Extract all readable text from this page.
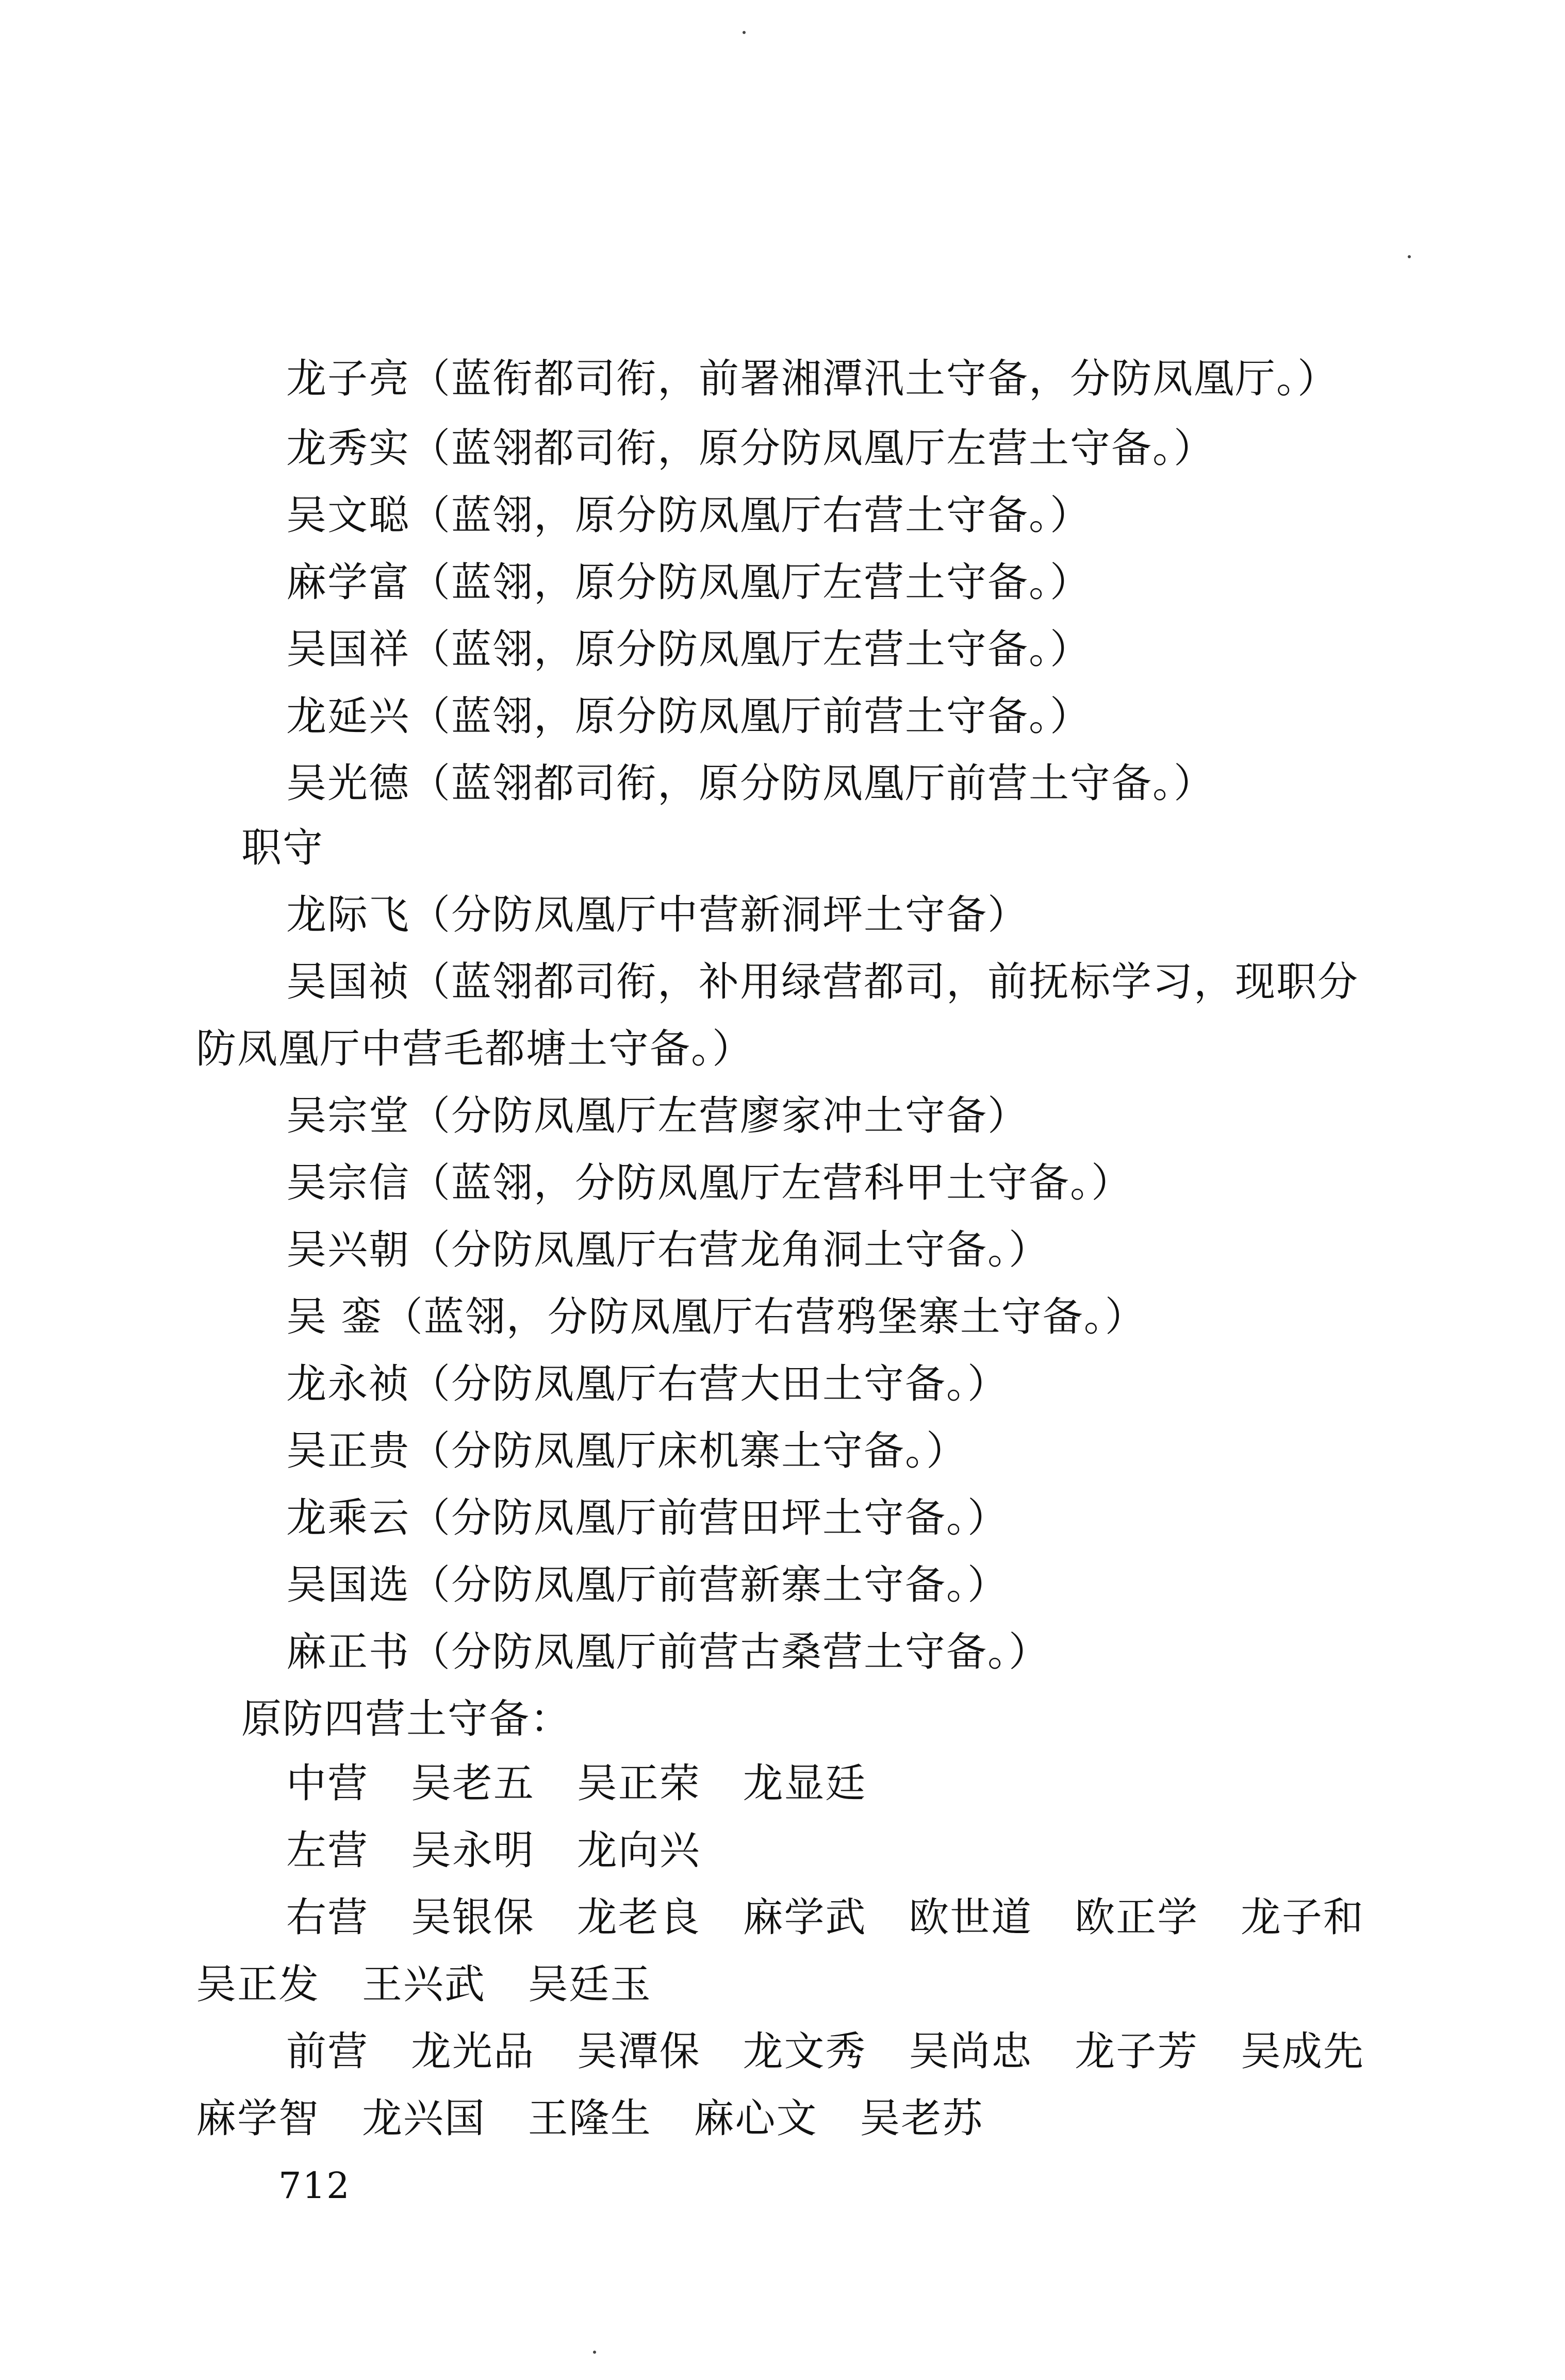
龙子亮（蓝衔都司衔，前署湘潭汛土守备，分防凤凰厅。）
龙秀实（蓝翎都司衔，原分防凤凰厅左营土守备。）
吴文聪（蓝翎，原分防凤凰厅右营土守备。）
麻学富（蓝翎，原分防凤凰厅左营土守备。）
吴国祥（蓝翎，原分防凤凰厅左营土守备。）
龙延兴（蓝翎，原分防凤凰厅前营土守备。）
吴光德（蓝翎都司衔，原分防凤凰厅前营土守备。）
职守
龙际飞（分防凤凰厅中营新洞坪土守备）
吴国祯（蓝翎都司衔，补用绿营都司，前抚标学习，现职分
防凤凰厅中营毛都塘土守备。）
吴宗堂（分防凤凰厅左营廖家冲土守备）
吴宗信（蓝翎，分防凤凰厅左营科甲土守备。）
吴兴朝（分防凤凰厅右营龙角洞土守备。）
吴 銮（蓝翎，分防凤凰厅右营鸦堡寨土守备。）
龙永祯（分防凤凰厅右营大田土守备。）
吴正贵（分防凤凰厅床机寨土守备。）
龙乘云（分防凤凰厅前营田坪土守备。）
吴国选（分防凤凰厅前营新寨土守备。）
麻正书（分防凤凰厅前营古桑营土守备。）
原防四营土守备：
中营 吴老五 吴正荣 龙显廷
左营 吴永明 龙向兴
右营 吴银保 龙老良 麻学武 欧世道 欧正学 龙子和
吴正发 王兴武 吴廷玉
前营 龙光品 吴潭保 龙文秀 吴尚忠 龙子芳 吴成先
麻学智 龙兴国 王隆生 麻心文 吴老苏
712
